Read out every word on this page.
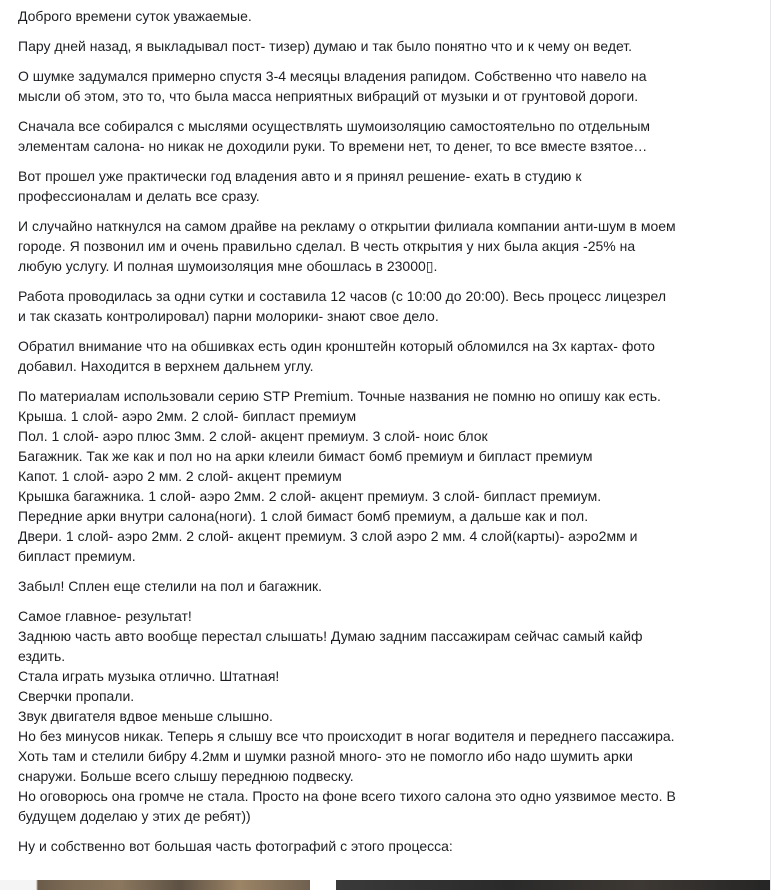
Доброго времени суток уважаемые.
Пару дней назад, я выкладывал пост- тизер) думаю и так было понятно что и к чему он ведет.
О шумке задумался примерно спустя 3-4 месяцы владения рапидом. Собственно что навело на
мысли об этом, это то, что была масса неприятных вибраций от музыки и от грунтовой дороги.
Сначала все собирался с мыслями осуществлять шумоизоляцию самостоятельно по отдельным
элементам салона- но никак не доходили руки. То времени нет, то денег, то все вместе взятое…
Вот прошел уже практически год владения авто и я принял решение- ехать в студию к
профессионалам и делать все сразу.
И случайно наткнулся на самом драйве на рекламу о открытии филиала компании анти-шум в моем
городе. Я позвонил им и очень правильно сделал. В честь открытия у них была акция -25% на
любую услугу. И полная шумоизоляция мне обошлась в 23000▯.
Работа проводилась за одни сутки и составила 12 часов (с 10:00 до 20:00). Весь процесс лицезрел
и так сказать контролировал) парни молорики- знают свое дело.
Обратил внимание что на обшивках есть один кронштейн который обломился на 3х картах- фото
добавил. Находится в верхнем дальнем углу.
По материалам использовали серию STP Premium. Точные названия не помню но опишу как есть.
Крыша. 1 слой- аэро 2мм. 2 слой- бипласт премиум
Пол. 1 слой- аэро плюс 3мм. 2 слой- акцент премиум. 3 слой- ноис блок
Багажник. Так же как и пол но на арки клеили бимаст бомб премиум и бипласт премиум
Капот. 1 слой- аэро 2 мм. 2 слой- акцент премиум
Крышка багажника. 1 слой- аэро 2мм. 2 слой- акцент премиум. 3 слой- бипласт премиум.
Передние арки внутри салона(ноги). 1 слой бимаст бомб премиум, а дальше как и пол.
Двери. 1 слой- аэро 2мм. 2 слой- акцент премиум. 3 слой аэро 2 мм. 4 слой(карты)- аэро2мм и
бипласт премиум.
Забыл! Сплен еще стелили на пол и багажник.
Самое главное- результат!
Заднюю часть авто вообще перестал слышать! Думаю задним пассажирам сейчас самый кайф
ездить.
Стала играть музыка отлично. Штатная!
Сверчки пропали.
Звук двигателя вдвое меньше слышно.
Но без минусов никак. Теперь я слышу все что происходит в ногаг водителя и переднего пассажира.
Хоть там и стелили бибру 4.2мм и шумки разной много- это не помогло ибо надо шумить арки
снаружи. Больше всего слышу переднюю подвеску.
Но оговорюсь она громче не стала. Просто на фоне всего тихого салона это одно уязвимое место. В
будущем доделаю у этих де ребят))
Ну и собственно вот большая часть фотографий с этого процесса:
